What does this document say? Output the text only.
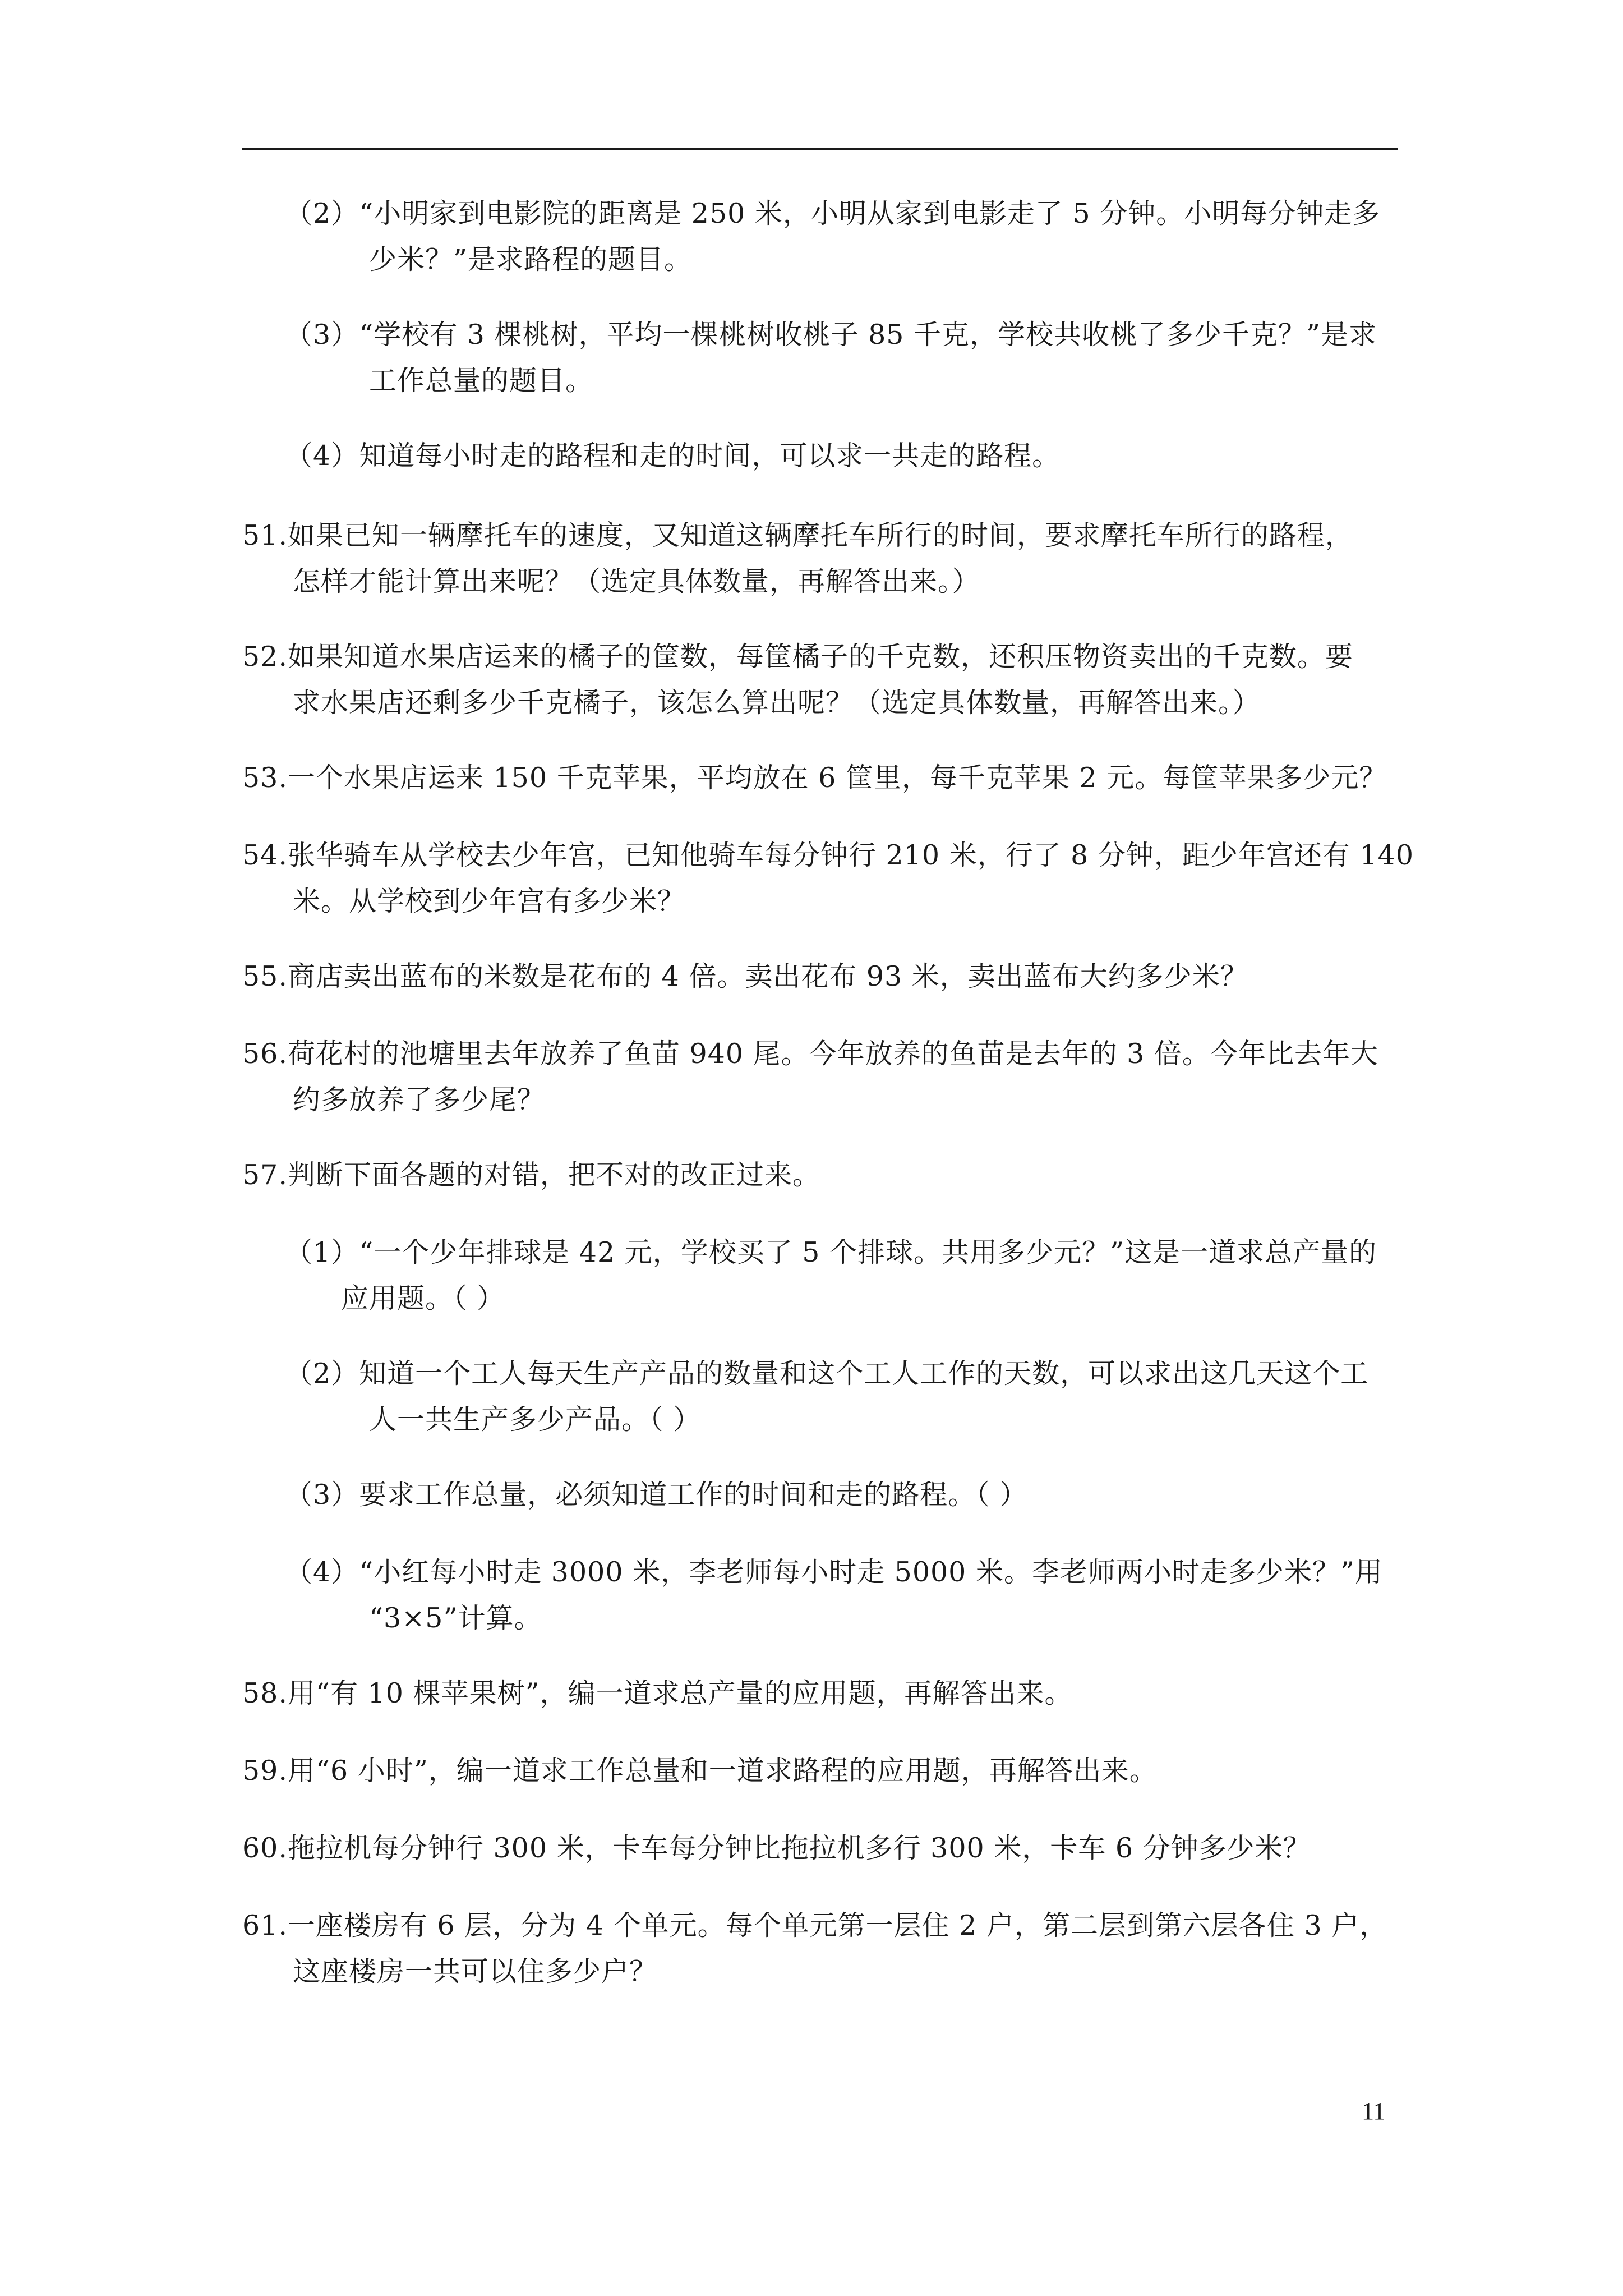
（2）“小明家到电影院的距离是 250 米，小明从家到电影走了 5 分钟。小明每分钟走多
少米？”是求路程的题目。
（3）“学校有 3 棵桃树，平均一棵桃树收桃子 85 千克，学校共收桃了多少千克？”是求
工作总量的题目。
（4）知道每小时走的路程和走的时间，可以求一共走的路程。
51.如果已知一辆摩托车的速度，又知道这辆摩托车所行的时间，要求摩托车所行的路程，
怎样才能计算出来呢？（选定具体数量，再解答出来。）
52.如果知道水果店运来的橘子的筐数，每筐橘子的千克数，还积压物资卖出的千克数。要
求水果店还剩多少千克橘子，该怎么算出呢？（选定具体数量，再解答出来。）
53.一个水果店运来 150 千克苹果，平均放在 6 筐里，每千克苹果 2 元。每筐苹果多少元？
54.张华骑车从学校去少年宫，已知他骑车每分钟行 210 米，行了 8 分钟，距少年宫还有 140
米。从学校到少年宫有多少米？
55.商店卖出蓝布的米数是花布的 4 倍。卖出花布 93 米，卖出蓝布大约多少米？
56.荷花村的池塘里去年放养了鱼苗 940 尾。今年放养的鱼苗是去年的 3 倍。今年比去年大
约多放养了多少尾？
57.判断下面各题的对错，把不对的改正过来。
（1）“一个少年排球是 42 元，学校买了 5 个排球。共用多少元？”这是一道求总产量的
应用题。（ ）
（2）知道一个工人每天生产产品的数量和这个工人工作的天数，可以求出这几天这个工
人一共生产多少产品。（ ）
（3）要求工作总量，必须知道工作的时间和走的路程。（ ）
（4）“小红每小时走 3000 米，李老师每小时走 5000 米。李老师两小时走多少米？”用
“3×5”计算。
58.用“有 10 棵苹果树”，编一道求总产量的应用题，再解答出来。
59.用“6 小时”，编一道求工作总量和一道求路程的应用题，再解答出来。
60.拖拉机每分钟行 300 米，卡车每分钟比拖拉机多行 300 米，卡车 6 分钟多少米？
61.一座楼房有 6 层，分为 4 个单元。每个单元第一层住 2 户，第二层到第六层各住 3 户，
这座楼房一共可以住多少户？
11
